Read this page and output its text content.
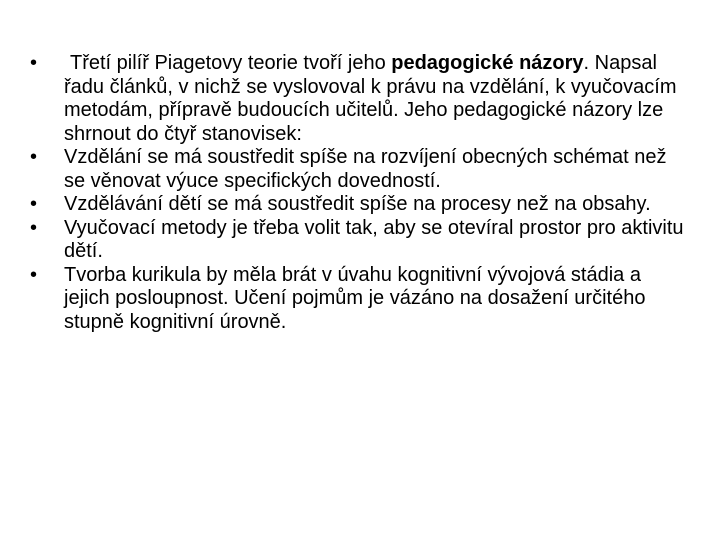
•	Třetí pilíř Piagetovy teorie tvoří jeho pedagogické názory. Napsal řadu článků, v nichž se vyslovoval k právu na vzdělání, k vyučovacím metodám, přípravě budoucích učitelů. Jeho pedagogické názory lze shrnout do čtyř stanovisek:
•	Vzdělání se má soustředit spíše na rozvíjení obecných schémat než se věnovat výuce specifických dovedností.
•	Vzdělávání dětí se má soustředit spíše na procesy než na obsahy.
•	Vyučovací metody je třeba volit tak, aby se otevíral prostor pro aktivitu dětí.
•	Tvorba kurikula by měla brát v úvahu kognitivní vývojová stádia a jejich posloupnost. Učení pojmům je vázáno na dosažení určitého stupně kognitivní úrovně.
